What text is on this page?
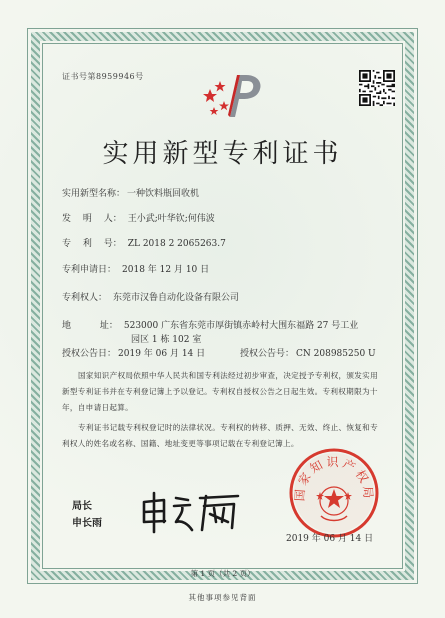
证书号第8959946号
实用新型专利证书
实用新型名称： 一种饮料瓶回收机
发 明 人： 王小武;叶华钦;何伟波
专 利 号： ZL 2018 2 2065263.7
专利申请日： 2018 年 12 月 10 日
专利权人： 东莞市汉鲁自动化设备有限公司
地 址： 523000 广东省东莞市厚街镇赤岭村大围东福路 27 号工业
园区 1 栋 102 室
授权公告日： 2019 年 06 月 14 日	授权公告号： CN 208985250 U
国家知识产权局依照中华人民共和国专利法经过初步审查，决定授予专利权，颁发实用
新型专利证书并在专利登记簿上予以登记。专利权自授权公告之日起生效。专利权期限为十
年，自申请日起算。
专利证书记载专利权登记时的法律状况。专利权的转移、质押、无效、终止、恢复和专
利权人的姓名或名称、国籍、地址变更等事项记载在专利登记簿上。
局长
申长雨
国家知识产权局
2019 年 06 月 14 日
第 1 页（共 2 页）
其他事项参见背面
